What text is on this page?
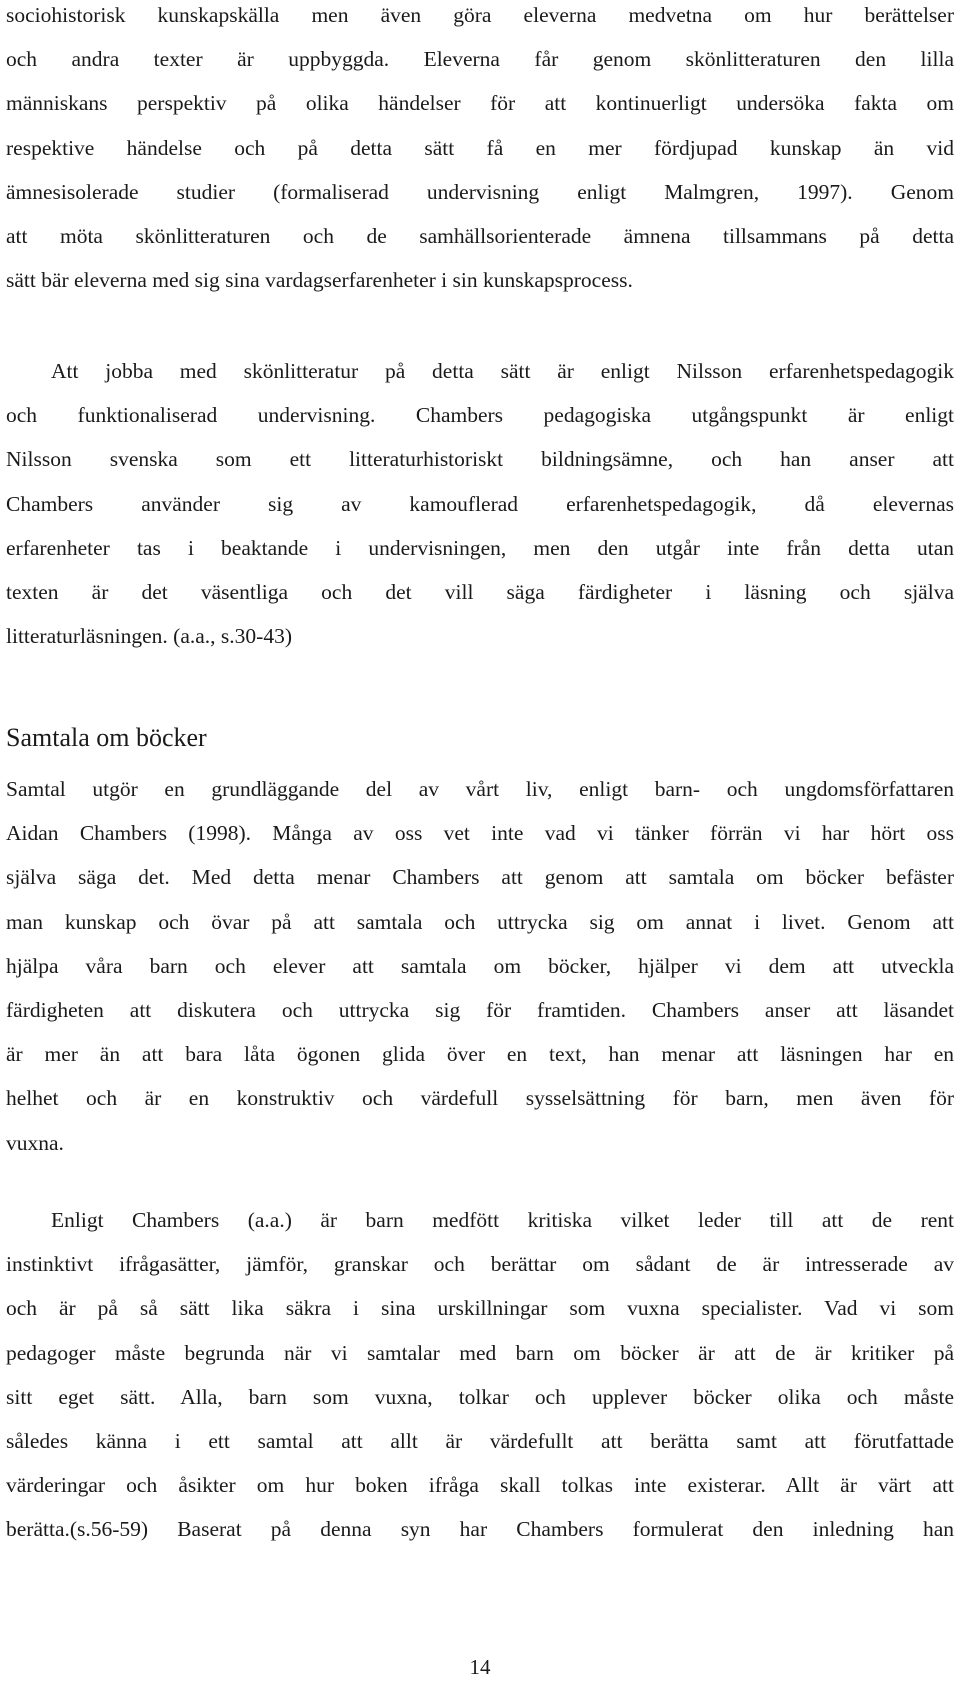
sociohistorisk kunskapskälla men även göra eleverna medvetna om hur berättelser
och andra texter är uppbyggda. Eleverna får genom skönlitteraturen den lilla
människans perspektiv på olika händelser för att kontinuerligt undersöka fakta om
respektive händelse och på detta sätt få en mer fördjupad kunskap än vid
ämnesisolerade studier (formaliserad undervisning enligt Malmgren, 1997). Genom
att möta skönlitteraturen och de samhällsorienterade ämnena tillsammans på detta
sätt bär eleverna med sig sina vardagserfarenheter i sin kunskapsprocess.
Att jobba med skönlitteratur på detta sätt är enligt Nilsson erfarenhetspedagogik
och funktionaliserad undervisning. Chambers pedagogiska utgångspunkt är enligt
Nilsson svenska som ett litteraturhistoriskt bildningsämne, och han anser att
Chambers använder sig av kamouflerad erfarenhetspedagogik, då elevernas
erfarenheter tas i beaktande i undervisningen, men den utgår inte från detta utan
texten är det väsentliga och det vill säga färdigheter i läsning och själva
litteraturläsningen. (a.a., s.30-43)
Samtala om böcker
Samtal utgör en grundläggande del av vårt liv, enligt barn- och ungdomsförfattaren
Aidan Chambers (1998). Många av oss vet inte vad vi tänker förrän vi har hört oss
själva säga det. Med detta menar Chambers att genom att samtala om böcker befäster
man kunskap och övar på att samtala och uttrycka sig om annat i livet. Genom att
hjälpa våra barn och elever att samtala om böcker, hjälper vi dem att utveckla
färdigheten att diskutera och uttrycka sig för framtiden. Chambers anser att läsandet
är mer än att bara låta ögonen glida över en text, han menar att läsningen har en
helhet och är en konstruktiv och värdefull sysselsättning för barn, men även för
vuxna.
Enligt Chambers (a.a.) är barn medfött kritiska vilket leder till att de rent
instinktivt ifrågasätter, jämför, granskar och berättar om sådant de är intresserade av
och är på så sätt lika säkra i sina urskillningar som vuxna specialister. Vad vi som
pedagoger måste begrunda när vi samtalar med barn om böcker är att de är kritiker på
sitt eget sätt. Alla, barn som vuxna, tolkar och upplever böcker olika och måste
således känna i ett samtal att allt är värdefullt att berätta samt att förutfattade
värderingar och åsikter om hur boken ifråga skall tolkas inte existerar. Allt är värt att
berätta.(s.56-59) Baserat på denna syn har Chambers formulerat den inledning han
14
